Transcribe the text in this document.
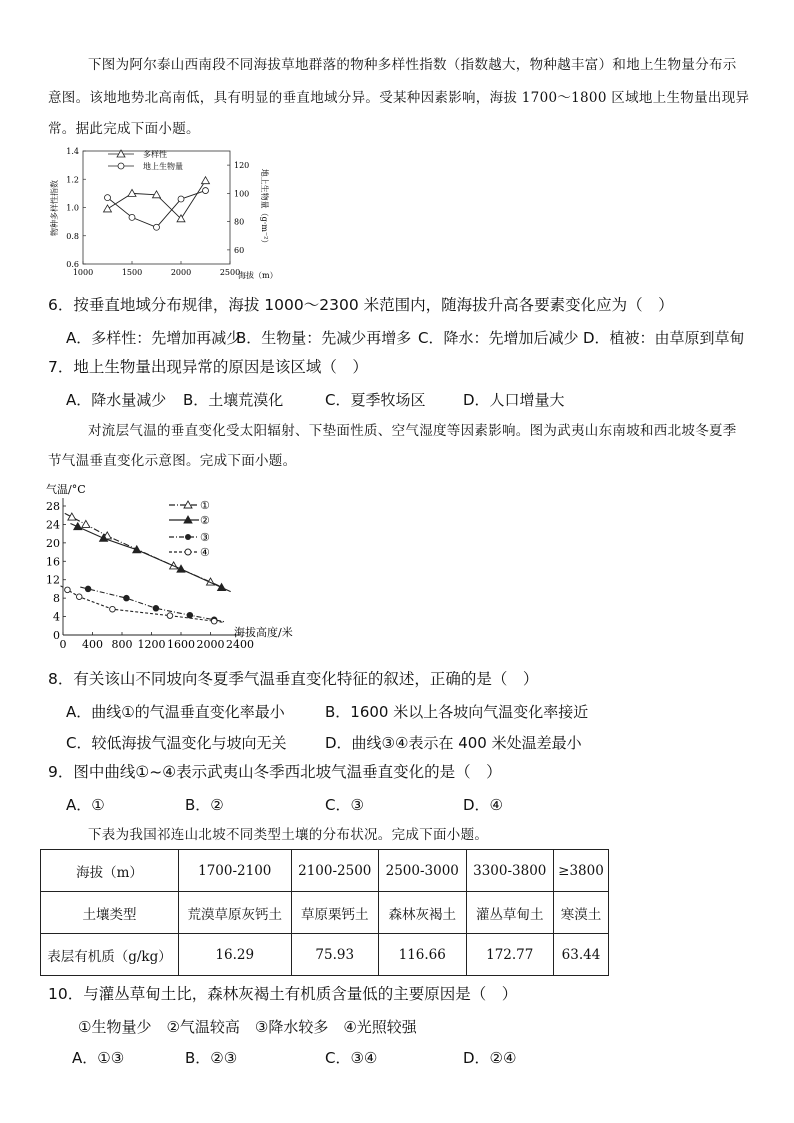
下图为阿尔泰山西南段不同海拔草地群落的物种多样性指数（指数越大，物种越丰富）和地上生物量分布示
意图。该地地势北高南低，具有明显的垂直地域分异。受某种因素影响，海拔 1700～1800 区域地上生物量出现异
常。据此完成下面小题。
1.4
1.2
1.0
0.8
0.6
120
100
80
60
1000	1500	2000	2500
物种多样性指数	地上生物量（g·m⁻²）
海拔（m）
多样性
地上生物量
6．按垂直地域分布规律，海拔 1000～2300 米范围内，随海拔升高各要素变化应为（　）
A．多样性：先增加再减少
B．生物量：先减少再增多 C．降水：先增加后减少 D．植被：由草原到草甸
7．地上生物量出现异常的原因是该区域（　）
A．降水量减少 B．土壤荒漠化	C．夏季牧场区	D．人口增量大
对流层气温的垂直变化受太阳辐射、下垫面性质、空气湿度等因素影响。图为武夷山东南坡和西北坡冬夏季
节气温垂直变化示意图。完成下面小题。
气温/°C
28
24
20
16
12
8
4
0
0 400 800 1200 1600 2000 2400
海拔高度/米
①
②
③
④
8．有关该山不同坡向冬夏季气温垂直变化特征的叙述，正确的是（　）
A．曲线①的气温垂直变化率最小	B．1600 米以上各坡向气温变化率接近
C．较低海拔气温变化与坡向无关	D．曲线③④表示在 400 米处温差最小
9．图中曲线①~④表示武夷山冬季西北坡气温垂直变化的是（　）
A．①	B．②	C．③	D．④
下表为我国祁连山北坡不同类型土壤的分布状况。完成下面小题。
海拔（m）	1700-2100	2100-2500	2500-3000	3300-3800	≥3800
土壤类型	荒漠草原灰钙土	草原栗钙土	森林灰褐土	灌丛草甸土	寒漠土
表层有机质（g/kg）	16.29	75.93	116.66	172.77	63.44
10．与灌丛草甸土比，森林灰褐土有机质含量低的主要原因是（　）
①生物量少　②气温较高　③降水较多　④光照较强
A．①③	B．②③	C．③④	D．②④
